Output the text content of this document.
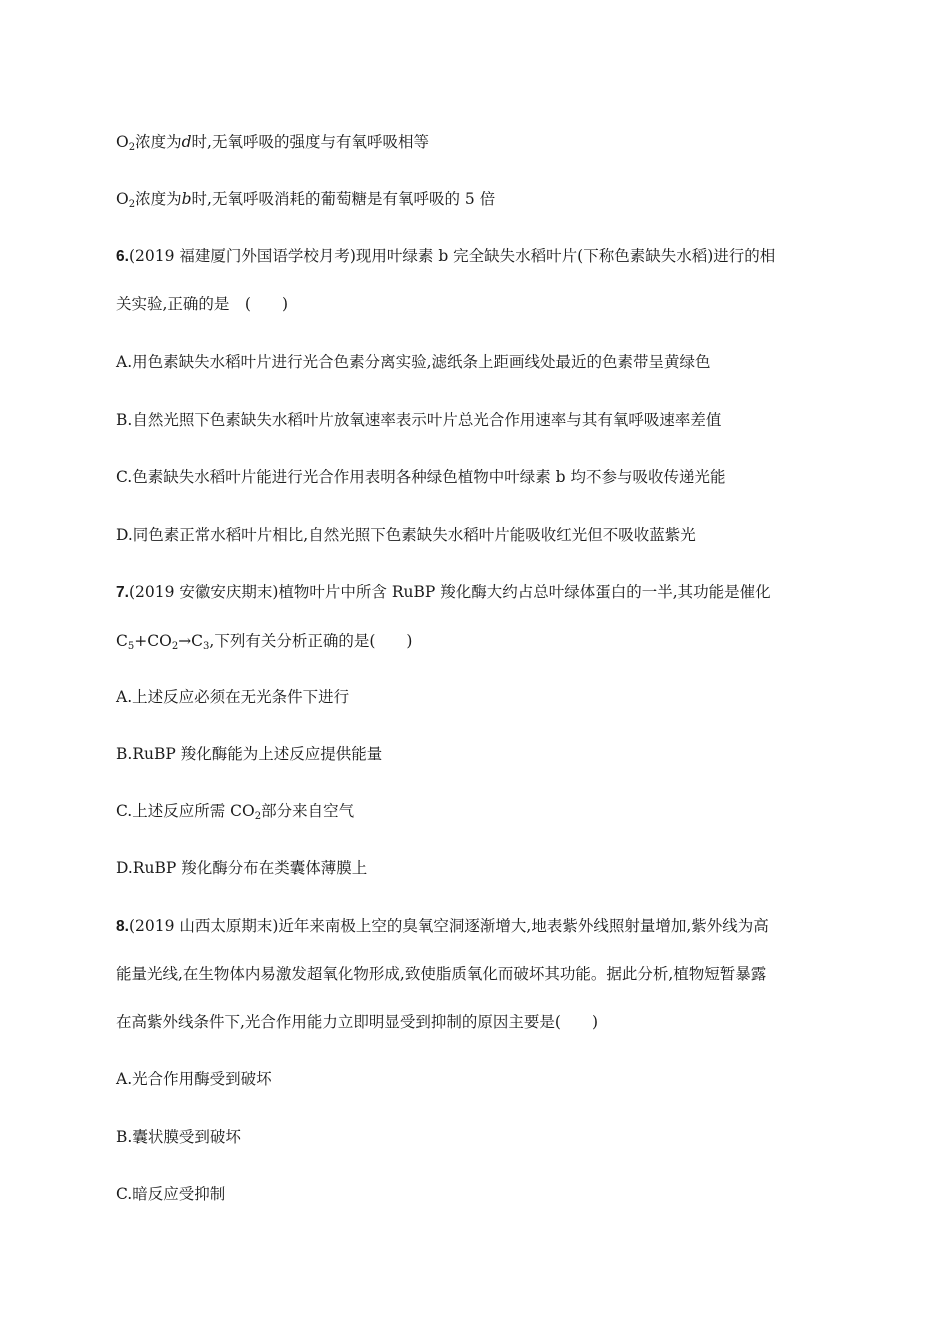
$O_2$浓度为d时,无氧呼吸的强度与有氧呼吸相等
$O_2$浓度为b时,无氧呼吸消耗的葡萄糖是有氧呼吸的 5 倍
6.(2019 福建厦门外国语学校月考)现用叶绿素 b 完全缺失水稻叶片(下称色素缺失水稻)进行的相
关实验,正确的是　(　　)
A.用色素缺失水稻叶片进行光合色素分离实验,滤纸条上距画线处最近的色素带呈黄绿色
B.自然光照下色素缺失水稻叶片放氧速率表示叶片总光合作用速率与其有氧呼吸速率差值
C.色素缺失水稻叶片能进行光合作用表明各种绿色植物中叶绿素 b 均不参与吸收传递光能
D.同色素正常水稻叶片相比,自然光照下色素缺失水稻叶片能吸收红光但不吸收蓝紫光
7.(2019 安徽安庆期末)植物叶片中所含 RuBP 羧化酶大约占总叶绿体蛋白的一半,其功能是催化
$C_5+CO_2\to C_3$,下列有关分析正确的是(　　)
A.上述反应必须在无光条件下进行
B.RuBP 羧化酶能为上述反应提供能量
C.上述反应所需 $CO_2$部分来自空气
D.RuBP 羧化酶分布在类囊体薄膜上
8.(2019 山西太原期末)近年来南极上空的臭氧空洞逐渐增大,地表紫外线照射量增加,紫外线为高
能量光线,在生物体内易激发超氧化物形成,致使脂质氧化而破坏其功能。据此分析,植物短暂暴露
在高紫外线条件下,光合作用能力立即明显受到抑制的原因主要是(　　)
A.光合作用酶受到破坏
B.囊状膜受到破坏
C.暗反应受抑制
